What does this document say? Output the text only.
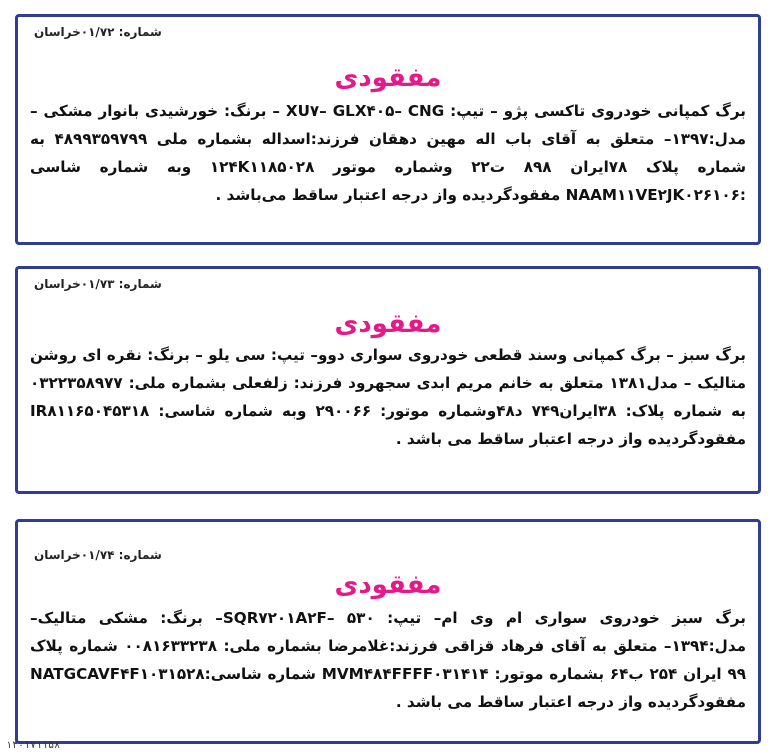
شماره: ۰۱/۷۲خراسان
مفقودی
برگ کمپانی خودروی تاکسی پژو – تیپ: XU۷– GLX۴۰۵– CNG – برنگ: خورشیدی بانوار مشکی – مدل:۱۳۹۷– متعلق به آقای باب اله مهین دهقان فرزند:اسداله بشماره ملی ۴۸۹۹۳۵۹۷۹۹ به شماره پلاک ۷۸ایران ۸۹۸ ت۲۲ وشماره موتور ۱۲۴K۱۱۸۵۰۲۸ وبه شماره شاسی :NAAM۱۱VE۲JK۰۲۶۱۰۶ مفقودگردیده واز درجه اعتبار ساقط می‌باشد .
شماره: ۰۱/۷۳خراسان
مفقودی
برگ سبز – برگ کمپانی وسند قطعی خودروی سواری دوو– تیپ: سی یلو – برنگ: نقره ای روشن متالیک – مدل۱۳۸۱ متعلق به خانم مریم ابدی سجهرود فرزند: زلفعلی بشماره ملی: ۰۳۲۲۳۵۸۹۷۷ به شماره پلاک: ۳۸ایران۷۴۹ د۴۸وشماره موتور: ۲۹۰۰۶۶ وبه شماره شاسی: IR۸۱۱۶۵۰۴۵۳۱۸ مفقودگردیده واز درجه اعتبار ساقط می باشد .
شماره: ۰۱/۷۴خراسان
مفقودی
برگ سبز خودروی سواری ام وی ام– تیپ: SQR۷۲۰۱A۲F– ۵۳۰– برنگ: مشکی متالیک– مدل:۱۳۹۴– متعلق به آقای فرهاد قزاقی فرزند:غلامرضا بشماره ملی: ۰۰۸۱۶۳۳۲۳۸ شماره پلاک ۹۹ ایران ۲۵۴ ب۶۴ بشماره موتور: MVM۴۸۴FFFF۰۳۱۴۱۴ شماره شاسی:NATGCAVF۴F۱۰۳۱۵۲۸ مفقودگردیده واز درجه اعتبار ساقط می باشد .
۱۴۰۱۷۱۱۵۸
